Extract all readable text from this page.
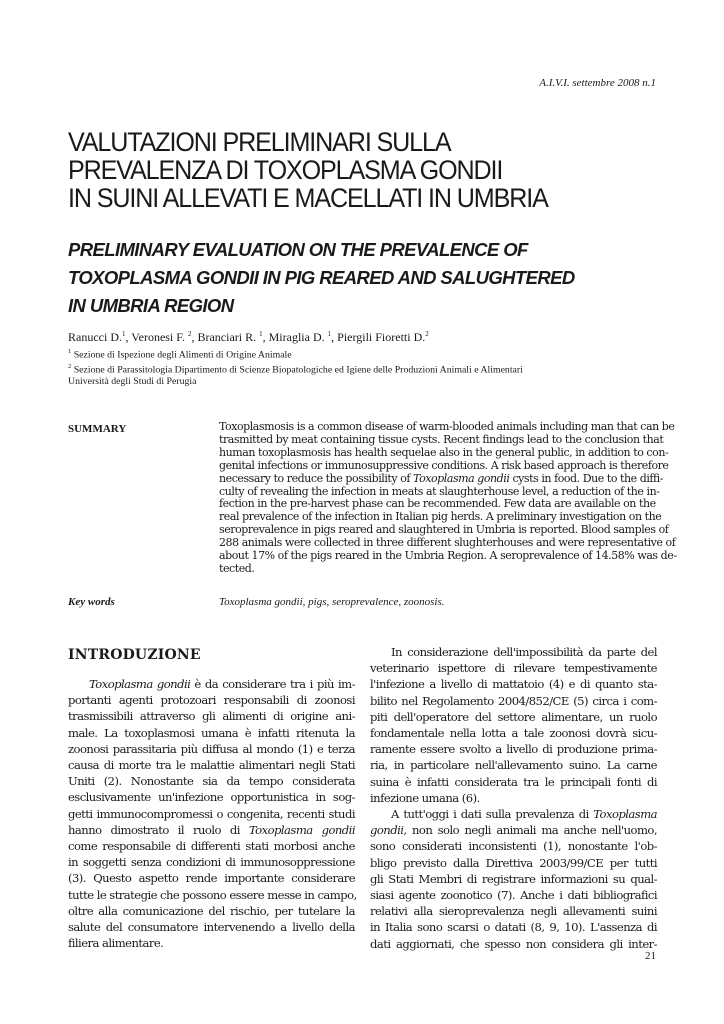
A.I.V.I. settembre 2008 n.1
VALUTAZIONI PRELIMINARI SULLA
PREVALENZA DI TOXOPLASMA GONDII
IN SUINI ALLEVATI E MACELLATI IN UMBRIA
PRELIMINARY EVALUATION ON THE PREVALENCE OF
TOXOPLASMA GONDII IN PIG REARED AND SALUGHTERED
IN UMBRIA REGION
Ranucci D.$^1$, Veronesi F. $^2$, Branciari R. $^1$, Miraglia D. $^1$, Piergili Fioretti D.$^2$
$^1$ Sezione di Ispezione degli Alimenti di Origine Animale
$^2$ Sezione di Parassitologia Dipartimento di Scienze Biopatologiche ed Igiene delle Produzioni Animali e Alimentari
Università degli Studi di Perugia
SUMMARY	Toxoplasmosis is a common disease of warm-blooded animals including man that can be
trasmitted by meat containing tissue cysts. Recent findings lead to the conclusion that
human toxoplasmosis has health sequelae also in the general public, in addition to con-
genital infections or immunosuppressive conditions. A risk based approach is therefore
necessary to reduce the possibility of Toxoplasma gondii cysts in food. Due to the diffi-
culty of revealing the infection in meats at slaughterhouse level, a reduction of the in-
fection in the pre-harvest phase can be recommended. Few data are available on the
real prevalence of the infection in Italian pig herds. A preliminary investigation on the
seroprevalence in pigs reared and slaughtered in Umbria is reported. Blood samples of
288 animals were collected in three different slughterhouses and were representative of
about 17% of the pigs reared in the Umbria Region. A seroprevalence of 14.58% was de-
tected.
Key words	Toxoplasma gondii, pigs, seroprevalence, zoonosis.
INTRODUZIONE
Toxoplasma gondii è da considerare tra i più im-
portanti agenti protozoari responsabili di zoonosi
trasmissibili attraverso gli alimenti di origine ani-
male. La toxoplasmosi umana è infatti ritenuta la
zoonosi parassitaria più diffusa al mondo (1) e terza
causa di morte tra le malattie alimentari negli Stati
Uniti (2). Nonostante sia da tempo considerata
esclusivamente un'infezione opportunistica in sog-
getti immunocompromessi o congenita, recenti studi
hanno dimostrato il ruolo di Toxoplasma gondii
come responsabile di differenti stati morbosi anche
in soggetti senza condizioni di immunosoppressione
(3). Questo aspetto rende importante considerare
tutte le strategie che possono essere messe in campo,
oltre alla comunicazione del rischio, per tutelare la
salute del consumatore intervenendo a livello della
filiera alimentare.
In considerazione dell'impossibilità da parte del
veterinario ispettore di rilevare tempestivamente
l'infezione a livello di mattatoio (4) e di quanto sta-
bilito nel Regolamento 2004/852/CE (5) circa i com-
piti dell'operatore del settore alimentare, un ruolo
fondamentale nella lotta a tale zoonosi dovrà sicu-
ramente essere svolto a livello di produzione prima-
ria, in particolare nell'allevamento suino. La carne
suina è infatti considerata tra le principali fonti di
infezione umana (6).
A tutt'oggi i dati sulla prevalenza di Toxoplasma
gondii, non solo negli animali ma anche nell'uomo,
sono considerati inconsistenti (1), nonostante l'ob-
bligo previsto dalla Direttiva 2003/99/CE per tutti
gli Stati Membri di registrare informazioni su qual-
siasi agente zoonotico (7). Anche i dati bibliografici
relativi alla sieroprevalenza negli allevamenti suini
in Italia sono scarsi o datati (8, 9, 10). L'assenza di
dati aggiornati, che spesso non considera gli inter-
21
